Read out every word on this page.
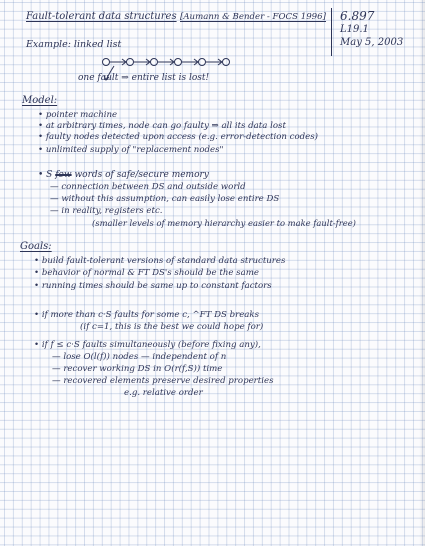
Fault-tolerant data structures [Aumann & Bender - FOCS 1996] 6.897
L19.1
May 5, 2003
Example: linked list
one fault ⇒ entire list is lost!
Model:
• pointer machine
• at arbitrary times, node can go faulty ⇒ all its data lost
• faulty nodes detected upon access (e.g. error-detection codes)
• unlimited supply of "replacement nodes"
• S few words of safe/secure memory
— connection between DS and outside world
— without this assumption, can easily lose entire DS
— in reality, registers etc.
(smaller levels of memory hierarchy easier to make fault-free)
Goals:
• build fault-tolerant versions of standard data structures
• behavior of normal & FT DS's should be the same
• running times should be same up to constant factors
• if more than c·S faults for some c, ^FT DS breaks
(if c=1, this is the best we could hope for)
• if f ≤ c·S faults simultaneously (before fixing any),
— lose O(l(f)) nodes — independent of n
— recover working DS in O(r(f,S)) time
— recovered elements preserve desired properties
e.g. relative order
